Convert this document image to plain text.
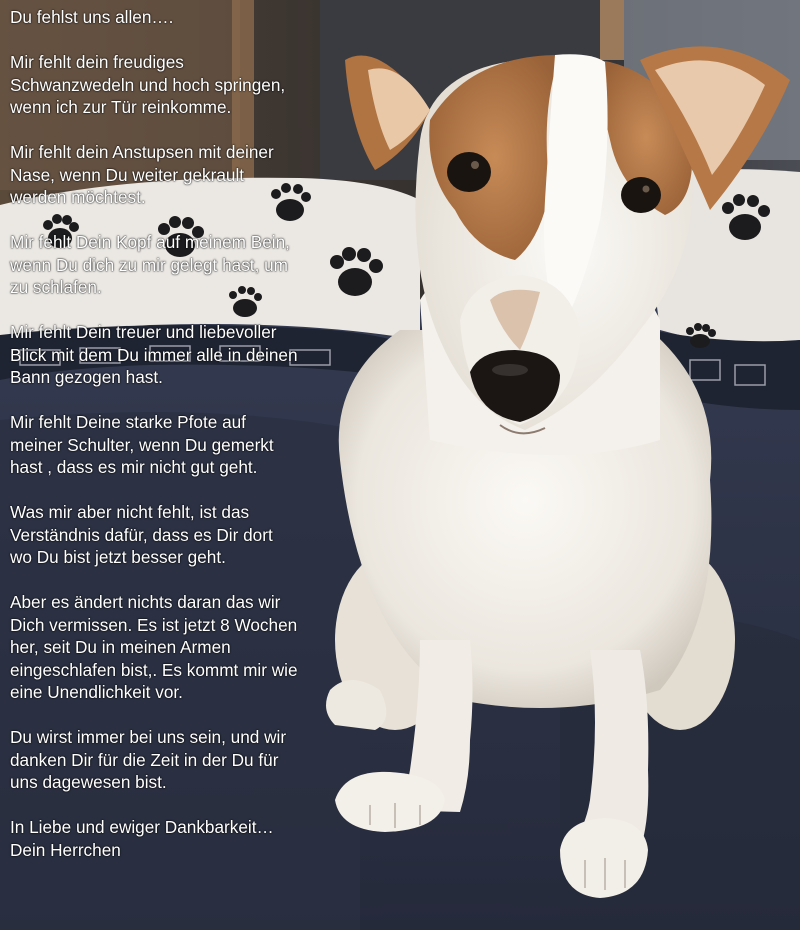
Du fehlst uns allen….
Mir fehlt dein freudiges
Schwanzwedeln und hoch springen,
wenn ich zur Tür reinkomme.
Mir fehlt dein Anstupsen mit deiner
Nase, wenn Du weiter gekrault
werden möchtest.
Mir fehlt Dein Kopf auf meinem Bein,
wenn Du dich zu mir gelegt hast, um
zu schlafen.
Mir fehlt Dein treuer und liebevoller
Blick mit dem Du immer alle in deinen
Bann gezogen hast.
Mir fehlt Deine starke Pfote auf
meiner Schulter, wenn Du gemerkt
hast , dass es mir nicht gut geht.
Was mir aber nicht fehlt, ist das
Verständnis dafür, dass es Dir dort
wo Du bist jetzt besser geht.
Aber es ändert nichts daran das wir
Dich vermissen. Es ist jetzt 8 Wochen
her, seit Du in meinen Armen
eingeschlafen bist,. Es kommt mir wie
eine Unendlichkeit vor.
Du wirst immer bei uns sein, und wir
danken Dir für die Zeit in der Du für
uns dagewesen bist.
In Liebe und ewiger Dankbarkeit…
Dein Herrchen
